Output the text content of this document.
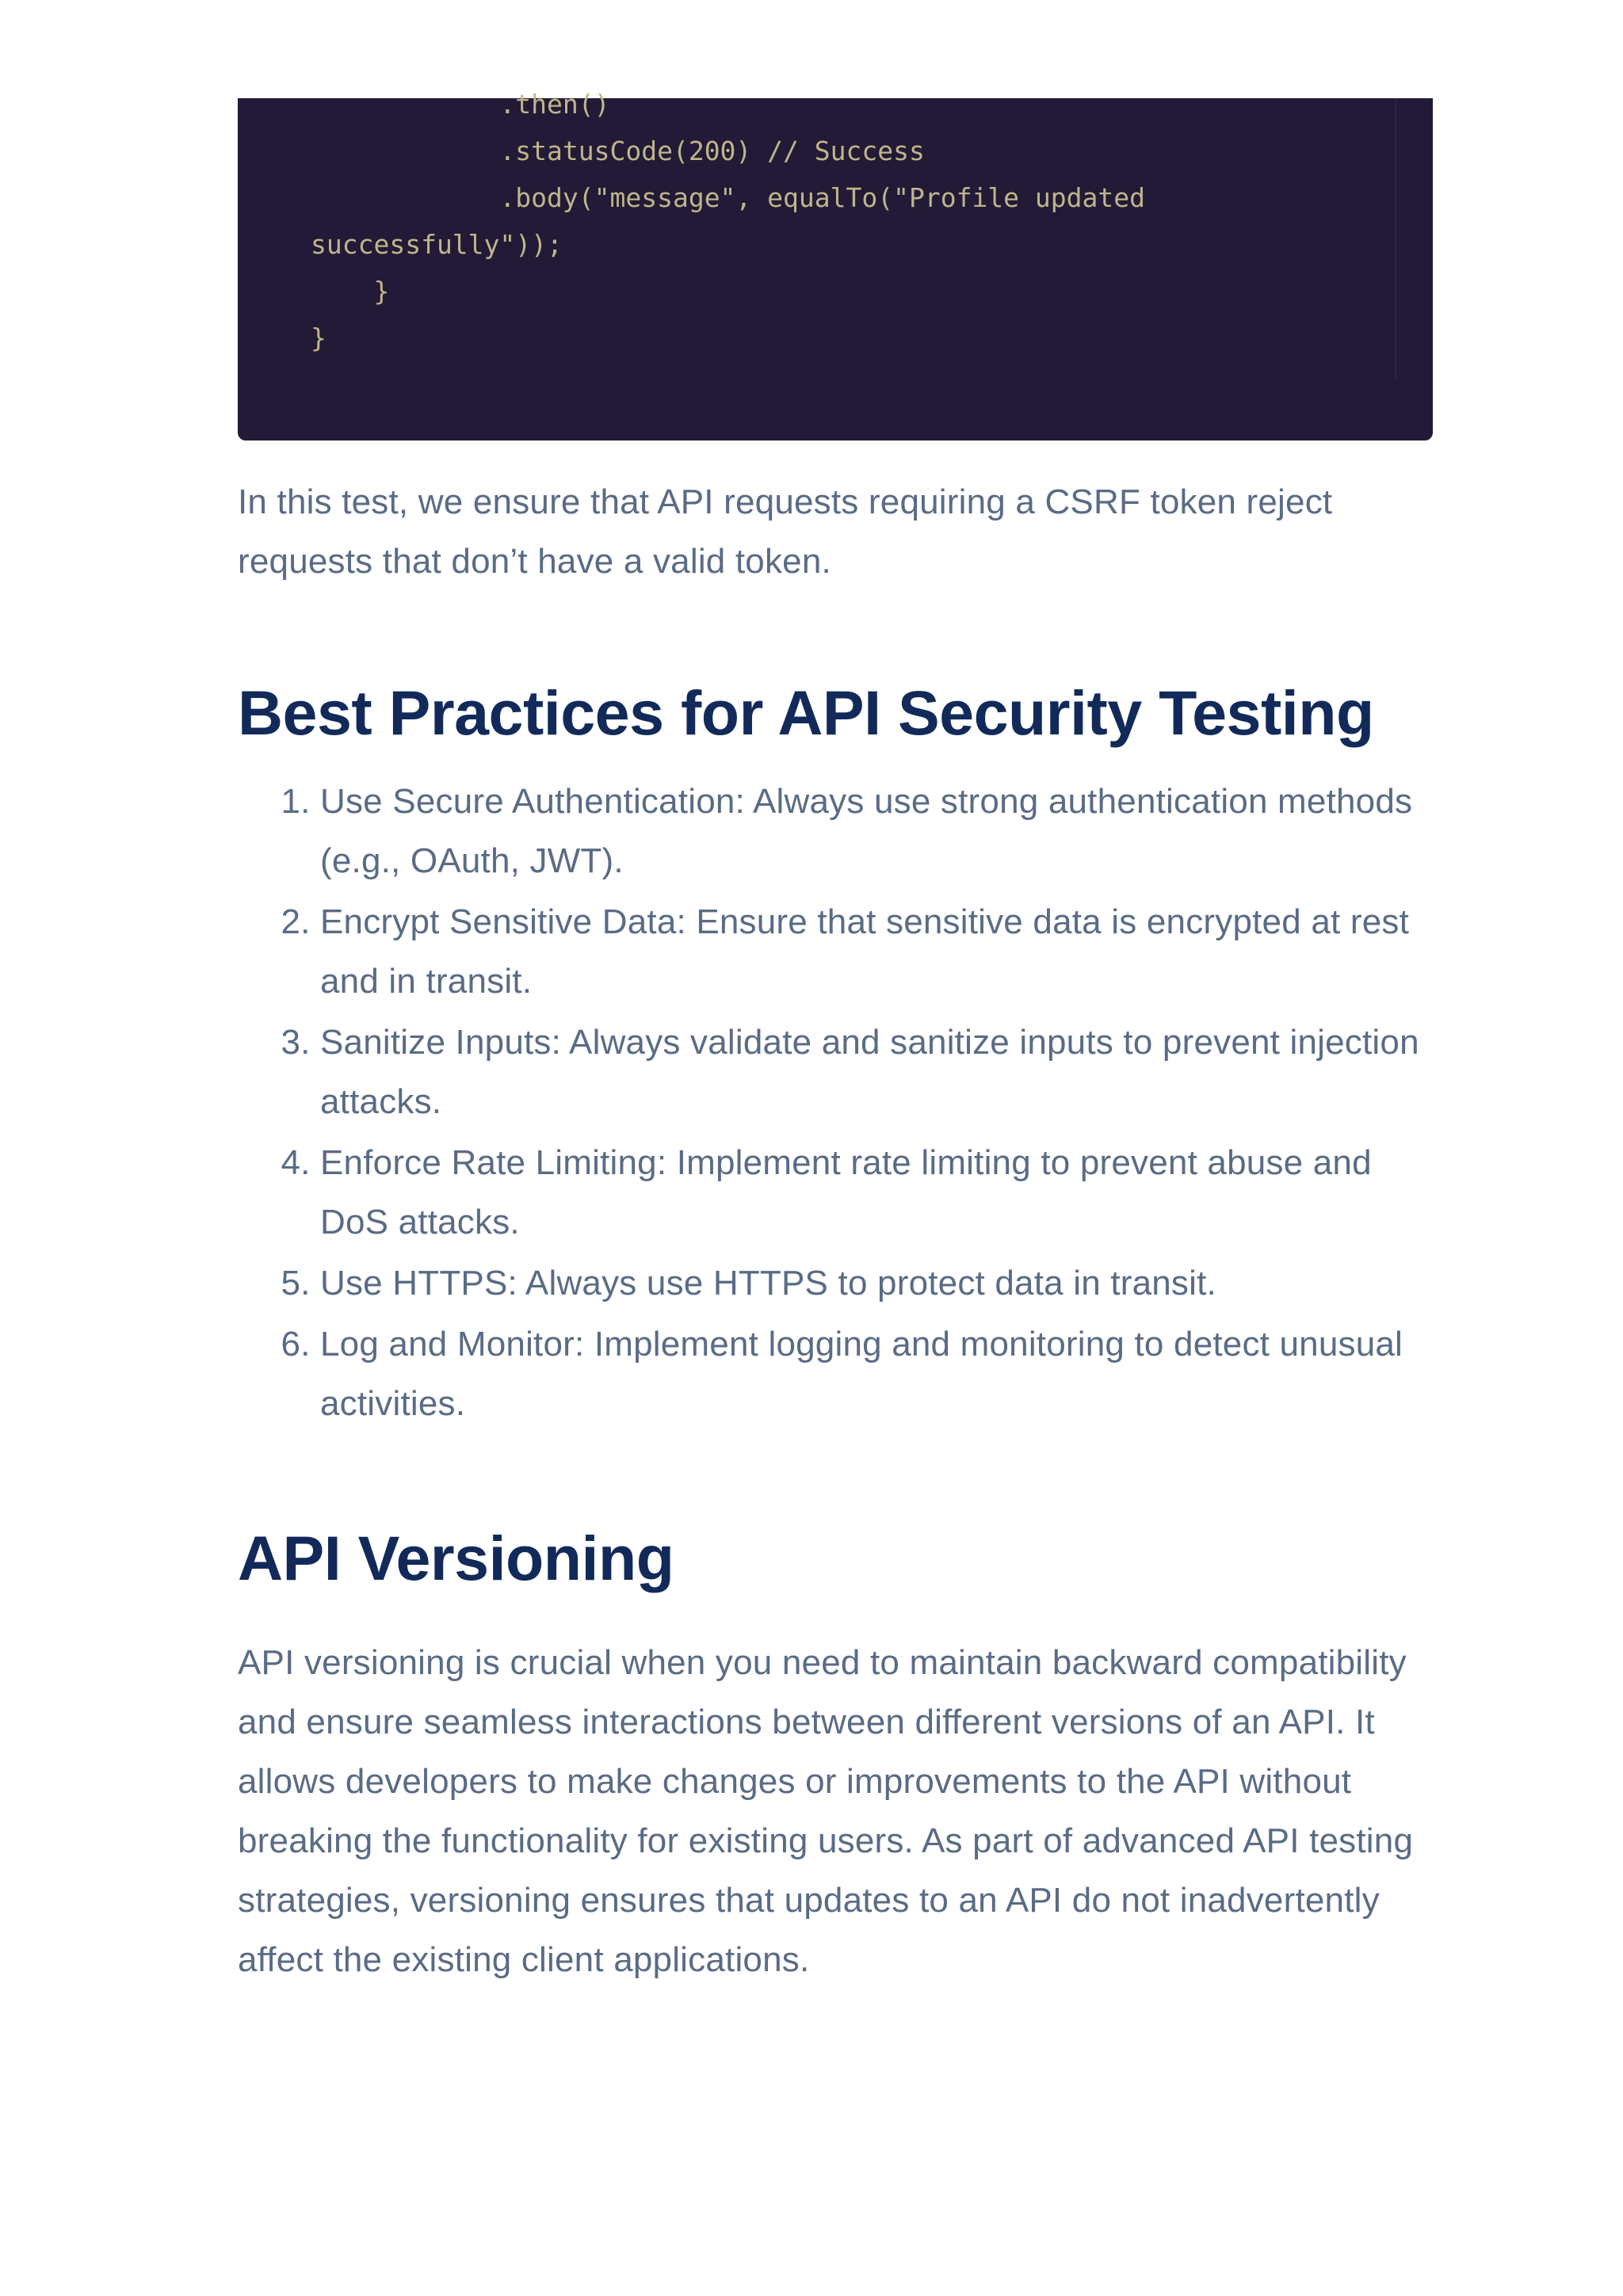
.then()
.statusCode(200) // Success
.body("message", equalTo("Profile updated
successfully"));
}
}

In this test, we ensure that API requests requiring a CSRF token reject requests that don’t have a valid token.

Best Practices for API Security Testing
1. Use Secure Authentication: Always use strong authentication methods (e.g., OAuth, JWT).
2. Encrypt Sensitive Data: Ensure that sensitive data is encrypted at rest and in transit.
3. Sanitize Inputs: Always validate and sanitize inputs to prevent injection attacks.
4. Enforce Rate Limiting: Implement rate limiting to prevent abuse and DoS attacks.
5. Use HTTPS: Always use HTTPS to protect data in transit.
6. Log and Monitor: Implement logging and monitoring to detect unusual activities.
API Versioning

API versioning is crucial when you need to maintain backward compatibility and ensure seamless interactions between different versions of an API. It allows developers to make changes or improvements to the API without breaking the functionality for existing users. As part of advanced API testing strategies, versioning ensures that updates to an API do not inadvertently affect the existing client applications.
